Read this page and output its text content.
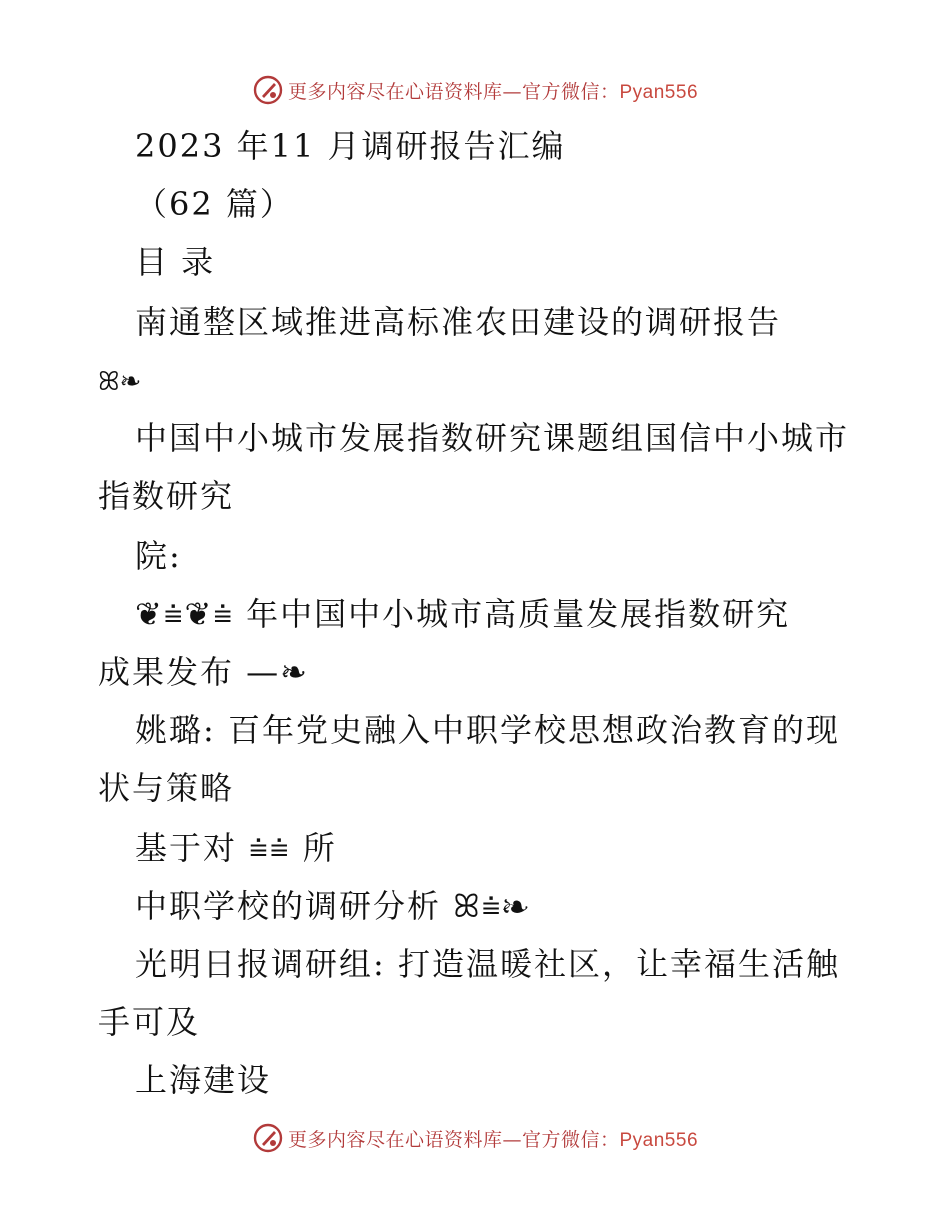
更多内容尽在心语资料库—官方微信：Pyan556
2023 年11 月调研报告汇编
（62 篇）
目 录
南通整区域推进高标准农田建设的调研报告
ꕤ❧
中国中小城市发展指数研究课题组国信中小城市
指数研究
院:
❦⩧❦⩧ 年中国中小城市高质量发展指数研究
成果发布 —❧
姚璐: 百年党史融入中职学校思想政治教育的现
状与策略
基于对 ⩧⩧ 所
中职学校的调研分析 ꕤ⩧❧
光明日报调研组: 打造温暖社区，让幸福生活触
手可及
上海建设
更多内容尽在心语资料库—官方微信：Pyan556
